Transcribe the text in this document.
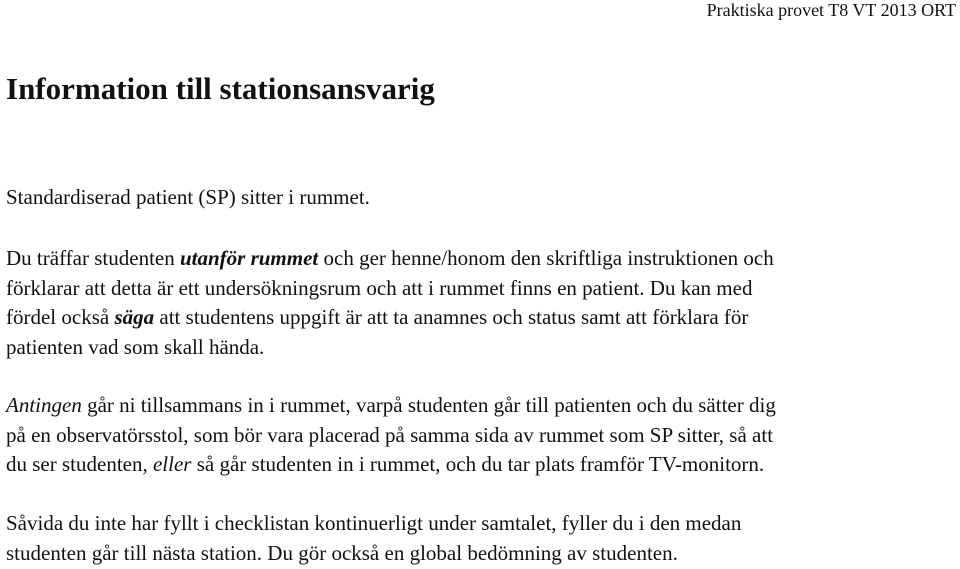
Praktiska provet T8 VT 2013 ORT
Information till stationsansvarig

Standardiserad patient (SP) sitter i rummet.

Du träffar studenten utanför rummet och ger henne/honom den skriftliga instruktionen och
förklarar att detta är ett undersökningsrum och att i rummet finns en patient. Du kan med
fördel också säga att studentens uppgift är att ta anamnes och status samt att förklara för
patienten vad som skall hända.

Antingen går ni tillsammans in i rummet, varpå studenten går till patienten och du sätter dig
på en observatörsstol, som bör vara placerad på samma sida av rummet som SP sitter, så att
du ser studenten, eller så går studenten in i rummet, och du tar plats framför TV-monitorn.

Såvida du inte har fyllt i checklistan kontinuerligt under samtalet, fyller du i den medan
studenten går till nästa station. Du gör också en global bedömning av studenten.
